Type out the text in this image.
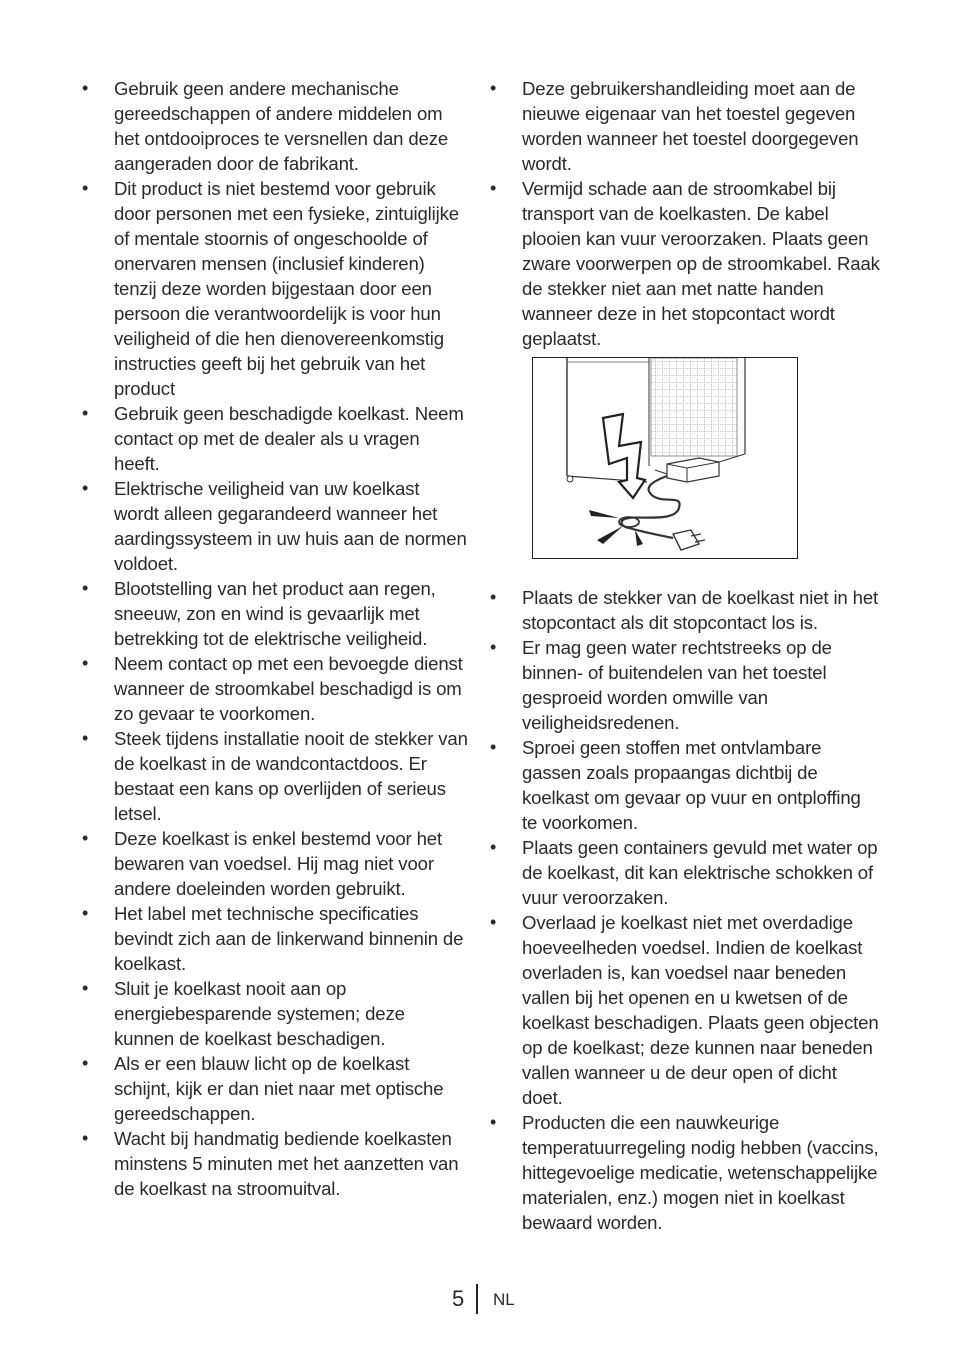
• Gebruik geen andere mechanische gereedschappen of andere middelen om het ontdooiproces te versnellen dan deze aangeraden door de fabrikant.
• Dit product is niet bestemd voor gebruik door personen met een fysieke, zintuiglijke of mentale stoornis of ongeschoolde of onervaren mensen (inclusief kinderen) tenzij deze worden bijgestaan door een persoon die verantwoordelijk is voor hun veiligheid of die hen dienovereenkomstig instructies geeft bij het gebruik van het product
• Gebruik geen beschadigde koelkast. Neem contact op met de dealer als u vragen heeft.
• Elektrische veiligheid van uw koelkast wordt alleen gegarandeerd wanneer het aardingssysteem in uw huis aan de normen voldoet.
• Blootstelling van het product aan regen, sneeuw, zon en wind is gevaarlijk met betrekking tot de elektrische veiligheid.
• Neem contact op met een bevoegde dienst wanneer de stroomkabel beschadigd is om zo gevaar te voorkomen.
• Steek tijdens installatie nooit de stekker van de koelkast in de wandcontactdoos. Er bestaat een kans op overlijden of serieus letsel.
• Deze koelkast is enkel bestemd voor het bewaren van voedsel. Hij mag niet voor andere doeleinden worden gebruikt.
• Het label met technische specificaties bevindt zich aan de linkerwand binnenin de koelkast.
• Sluit je koelkast nooit aan op energiebesparende systemen; deze kunnen de koelkast beschadigen.
• Als er een blauw licht op de koelkast schijnt, kijk er dan niet naar met optische gereedschappen.
• Wacht bij handmatig bediende koelkasten minstens 5 minuten met het aanzetten van de koelkast na stroomuitval.
• Deze gebruikershandleiding moet aan de nieuwe eigenaar van het toestel gegeven worden wanneer het toestel doorgegeven wordt.
• Vermijd schade aan de stroomkabel bij transport van de koelkasten. De kabel plooien kan vuur veroorzaken. Plaats geen zware voorwerpen op de stroomkabel. Raak de stekker niet aan met natte handen wanneer deze in het stopcontact wordt geplaatst.
• Plaats de stekker van de koelkast niet in het stopcontact als dit stopcontact los is.
• Er mag geen water rechtstreeks op de binnen- of buitendelen van het toestel gesproeid worden omwille van veiligheidsredenen.
• Sproei geen stoffen met ontvlambare gassen zoals propaangas dichtbij de koelkast om gevaar op vuur en ontploffing te voorkomen.
• Plaats geen containers gevuld met water op de koelkast, dit kan elektrische schokken of vuur veroorzaken.
• Overlaad je koelkast niet met overdadige hoeveelheden voedsel. Indien de koelkast overladen is, kan voedsel naar beneden vallen bij het openen en u kwetsen of de koelkast beschadigen. Plaats geen objecten op de koelkast; deze kunnen naar beneden vallen wanneer u de deur open of dicht doet.
• Producten die een nauwkeurige temperatuurregeling nodig hebben (vaccins, hittegevoelige medicatie, wetenschappelijke materialen, enz.) mogen niet in koelkast bewaard worden.
5 NL
